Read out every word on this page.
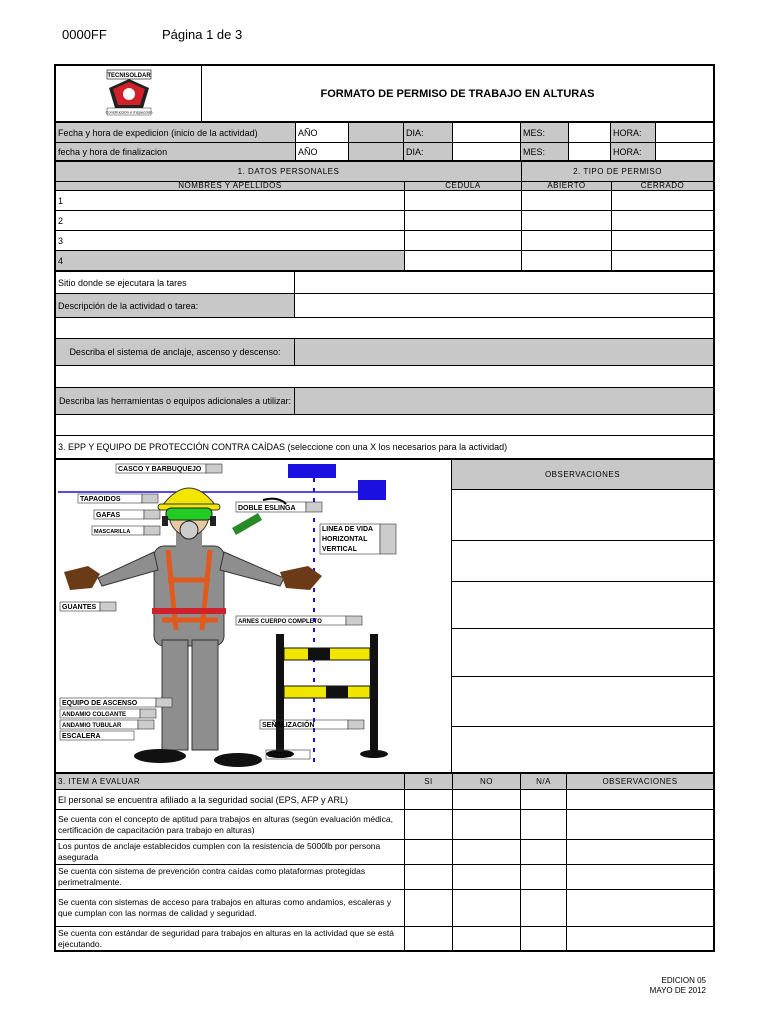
0000FF	Página 1 de 3
TECNISOLDAR
Construcción e Inspección
	FORMATO DE PERMISO DE TRABAJO EN ALTURAS
Fecha y hora de expedicion (inicio de la actividad)	AÑO		DIA:		MES:		HORA:	
fecha y hora de finalizacion	AÑO		DIA:		MES:		HORA:	
1. DATOS PERSONALES		2. TIPO DE PERMISO	
NOMBRES Y APELLIDOS	CEDULA	ABIERTO	CERRADO
1			
2			
3			
4			
Sitio donde se ejecutara la tares	
Descripción de la actividad o tarea:	

Describa el sistema de anclaje, ascenso y descenso:	

Describa las herramientas o equipos adicionales a utilizar:	

3. EPP Y EQUIPO DE PROTECCIÓN CONTRA CAÍDAS (seleccione con una X los necesarios para la actividad)	
CASCO Y BARBUQUEJO
TAPAOIDOS
GAFAS
MASCARILLA
DOBLE ESLINGA
LINEA DE VIDA
HORIZONTAL
VERTICAL
GUANTES
ARNES CUERPO COMPLETO
EQUIPO DE ASCENSO
ANDAMIO COLGANTE
ANDAMIO TUBULAR
ESCALERA
SEÑALIZACIÓN
BOTAS
	OBSERVACIONES

3. ITEM A EVALUAR	SI	NO	N/A	OBSERVACIONES
El personal se encuentra afiliado a la seguridad social (EPS, AFP y ARL)				
Se cuenta con el concepto de aptitud para trabajos en alturas (según evaluación médica, certificación de capacitación para trabajo en alturas)				
Los puntos de anclaje establecidos cumplen con la resistencia de 5000lb por persona asegurada				
Se cuenta con sistema de prevención contra caídas como plataformas protegidas perimetralmente.				
Se cuenta con sistemas de acceso para trabajos en alturas como andamios, escaleras y que cumplan con las normas de calidad y seguridad.				
Se cuenta con estándar de seguridad para trabajos en alturas en la actividad que se está ejecutando.				
EDICION 05
MAYO DE 2012
